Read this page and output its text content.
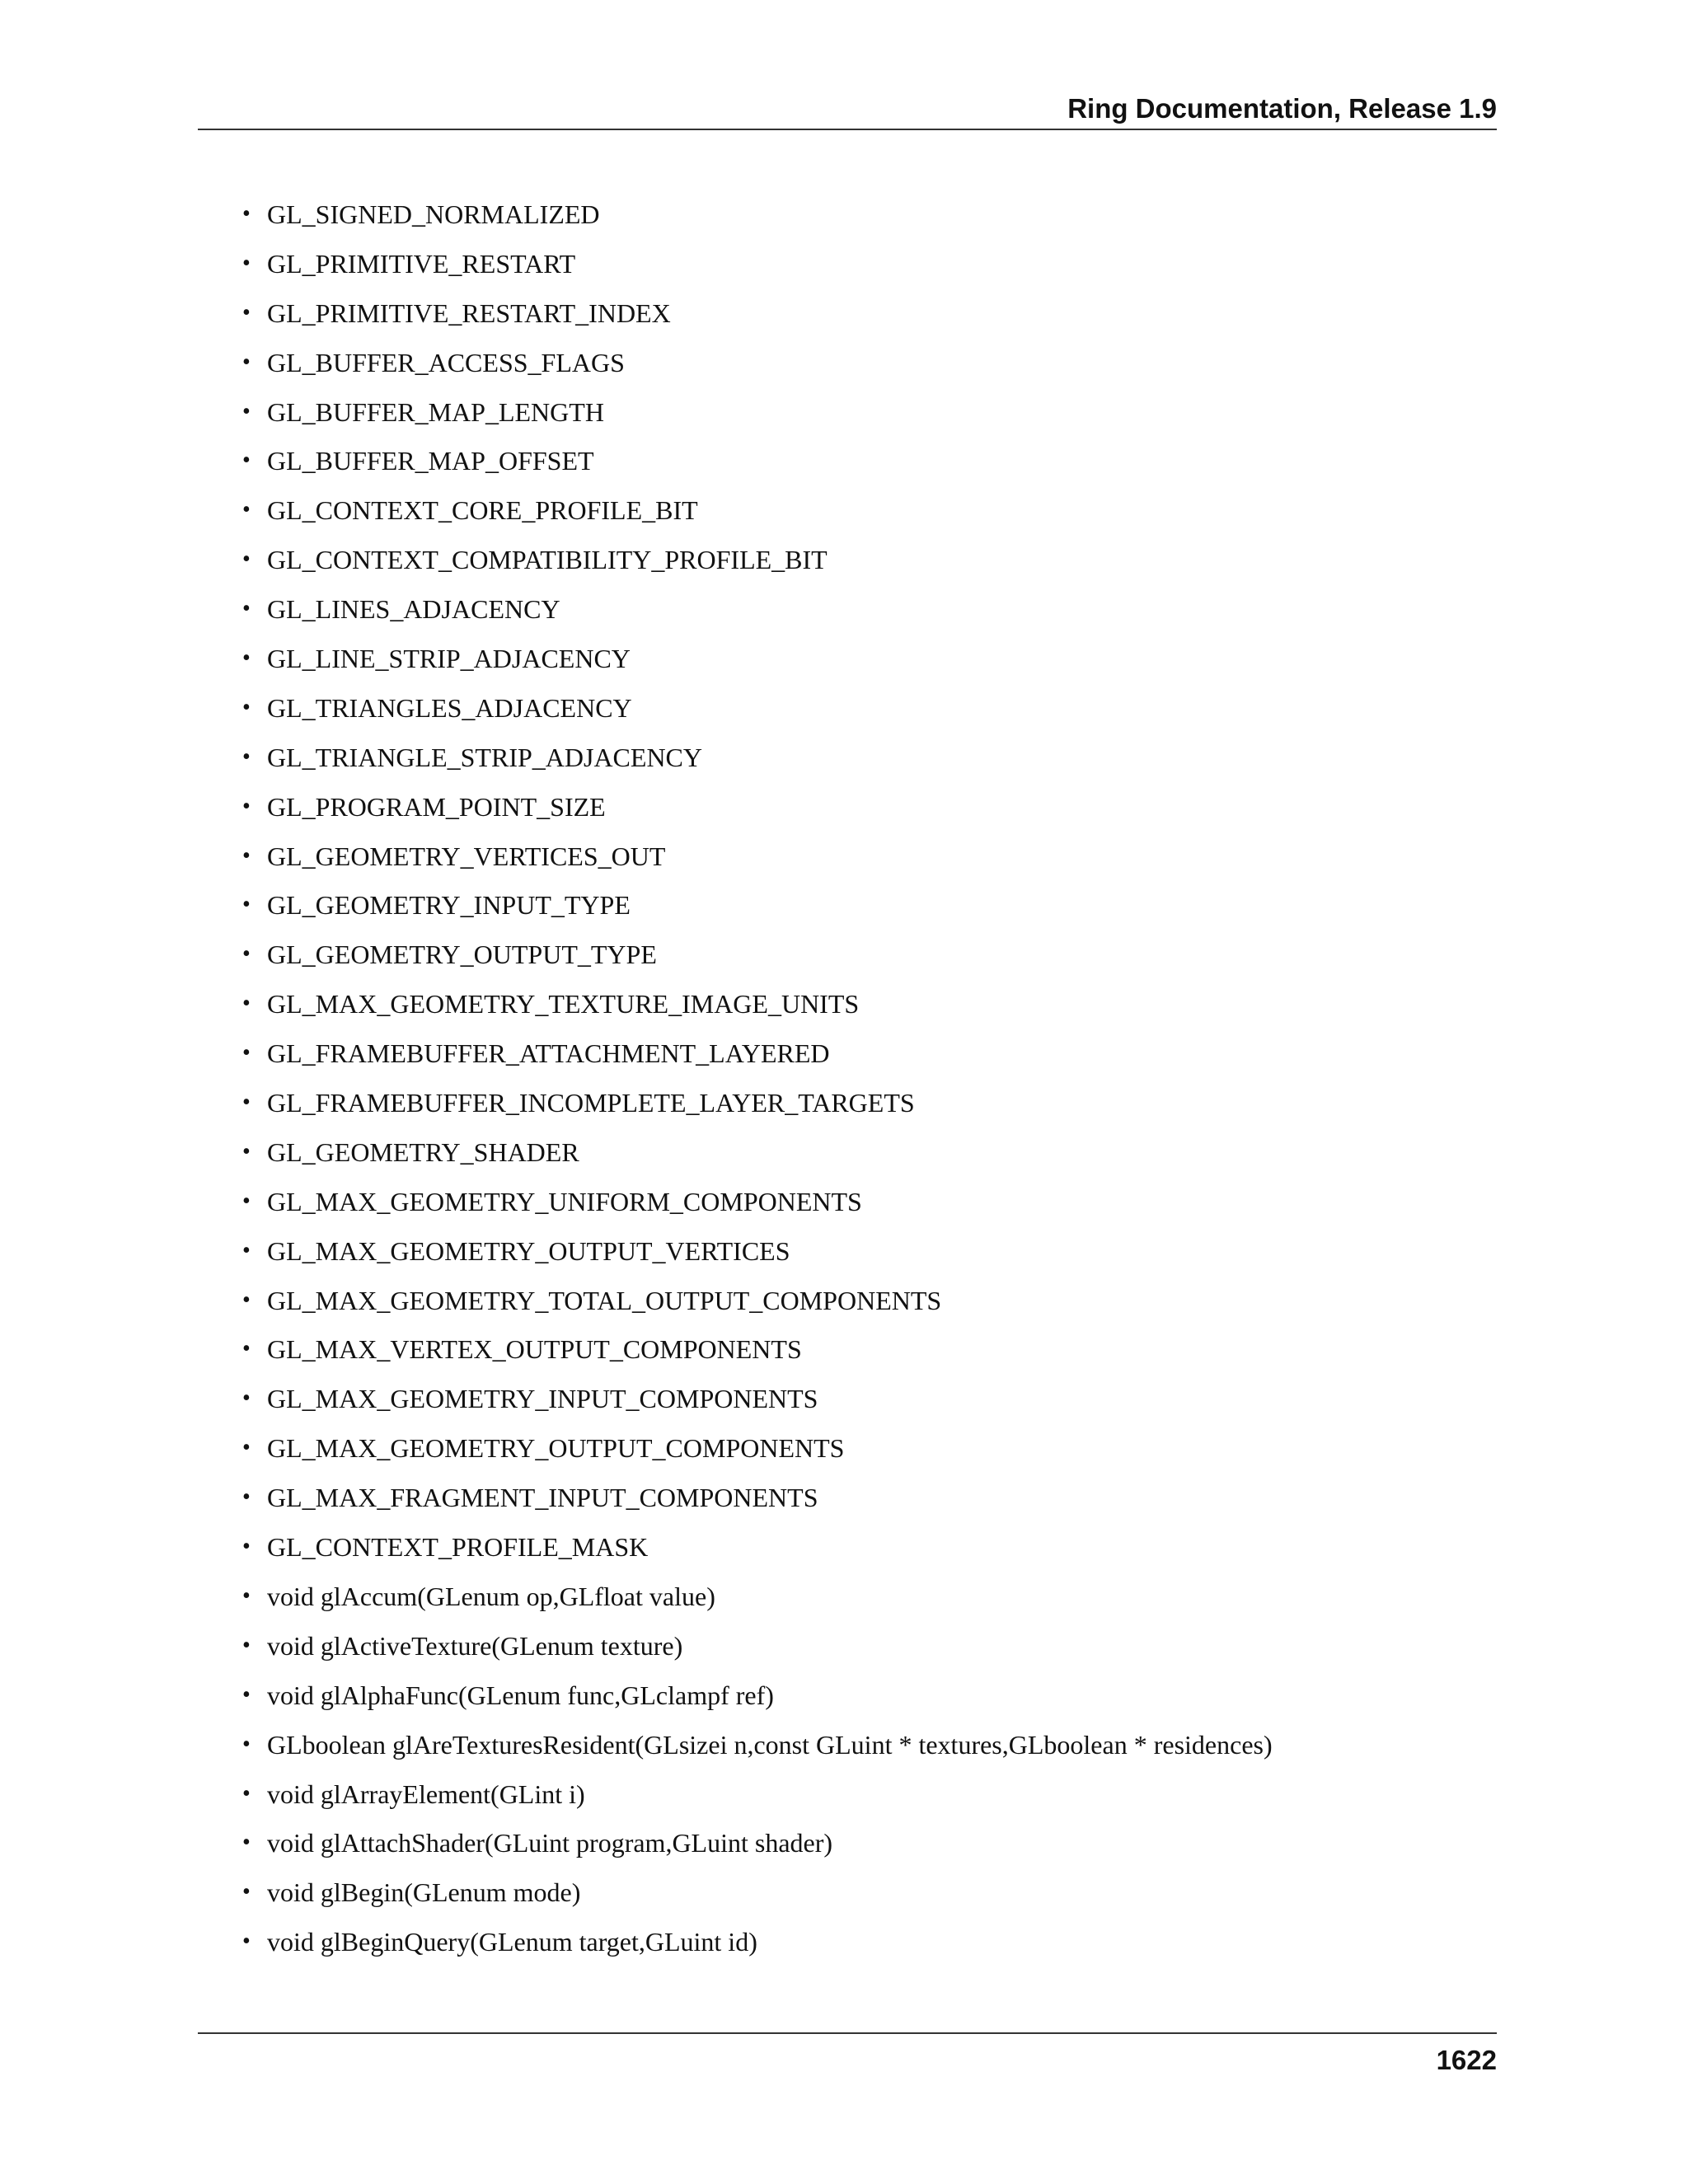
Ring Documentation, Release 1.9
• GL_SIGNED_NORMALIZED
• GL_PRIMITIVE_RESTART
• GL_PRIMITIVE_RESTART_INDEX
• GL_BUFFER_ACCESS_FLAGS
• GL_BUFFER_MAP_LENGTH
• GL_BUFFER_MAP_OFFSET
• GL_CONTEXT_CORE_PROFILE_BIT
• GL_CONTEXT_COMPATIBILITY_PROFILE_BIT
• GL_LINES_ADJACENCY
• GL_LINE_STRIP_ADJACENCY
• GL_TRIANGLES_ADJACENCY
• GL_TRIANGLE_STRIP_ADJACENCY
• GL_PROGRAM_POINT_SIZE
• GL_GEOMETRY_VERTICES_OUT
• GL_GEOMETRY_INPUT_TYPE
• GL_GEOMETRY_OUTPUT_TYPE
• GL_MAX_GEOMETRY_TEXTURE_IMAGE_UNITS
• GL_FRAMEBUFFER_ATTACHMENT_LAYERED
• GL_FRAMEBUFFER_INCOMPLETE_LAYER_TARGETS
• GL_GEOMETRY_SHADER
• GL_MAX_GEOMETRY_UNIFORM_COMPONENTS
• GL_MAX_GEOMETRY_OUTPUT_VERTICES
• GL_MAX_GEOMETRY_TOTAL_OUTPUT_COMPONENTS
• GL_MAX_VERTEX_OUTPUT_COMPONENTS
• GL_MAX_GEOMETRY_INPUT_COMPONENTS
• GL_MAX_GEOMETRY_OUTPUT_COMPONENTS
• GL_MAX_FRAGMENT_INPUT_COMPONENTS
• GL_CONTEXT_PROFILE_MASK
• void glAccum(GLenum op,GLfloat value)
• void glActiveTexture(GLenum texture)
• void glAlphaFunc(GLenum func,GLclampf ref)
• GLboolean glAreTexturesResident(GLsizei n,const GLuint * textures,GLboolean * residences)
• void glArrayElement(GLint i)
• void glAttachShader(GLuint program,GLuint shader)
• void glBegin(GLenum mode)
• void glBeginQuery(GLenum target,GLuint id)
1622
